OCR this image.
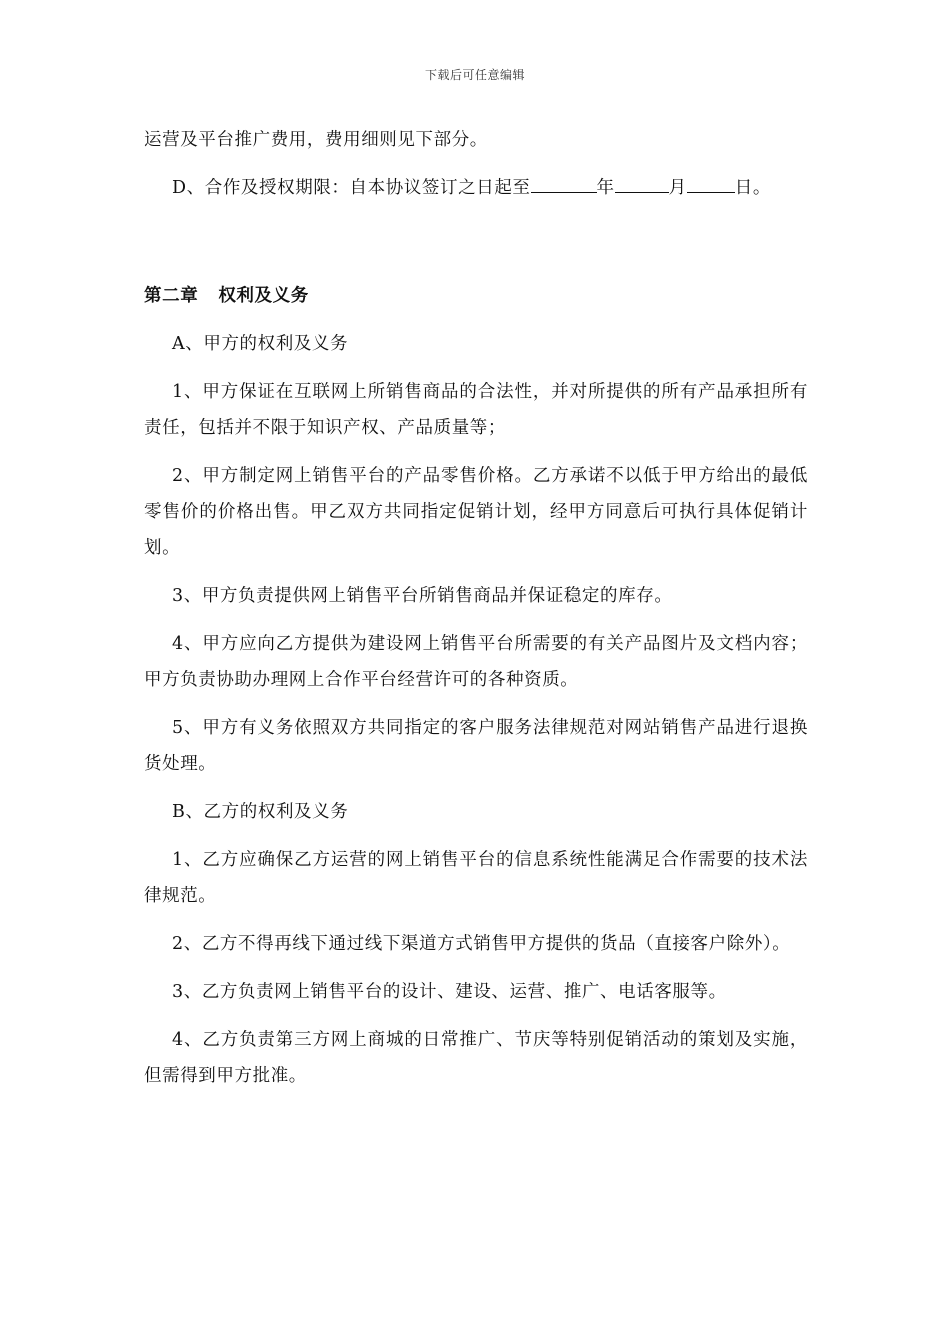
下载后可任意编辑

运营及平台推广费用，费用细则见下部分。

D、合作及授权期限：自本协议签订之日起至	年	月	日。

第二章 权利及义务

A、甲方的权利及义务

1、甲方保证在互联网上所销售商品的合法性，并对所提供的所有产品承担所有责任，包括并不限于知识产权、产品质量等；

2、甲方制定网上销售平台的产品零售价格。乙方承诺不以低于甲方给出的最低零售价的价格出售。甲乙双方共同指定促销计划，经甲方同意后可执行具体促销计划。

3、甲方负责提供网上销售平台所销售商品并保证稳定的库存。

4、甲方应向乙方提供为建设网上销售平台所需要的有关产品图片及文档内容；甲方负责协助办理网上合作平台经营许可的各种资质。

5、甲方有义务依照双方共同指定的客户服务法律规范对网站销售产品进行退换货处理。

B、乙方的权利及义务

1、乙方应确保乙方运营的网上销售平台的信息系统性能满足合作需要的技术法律规范。

2、乙方不得再线下通过线下渠道方式销售甲方提供的货品（直接客户除外）。

3、乙方负责网上销售平台的设计、建设、运营、推广、电话客服等。

4、乙方负责第三方网上商城的日常推广、节庆等特别促销活动的策划及实施，但需得到甲方批准。
